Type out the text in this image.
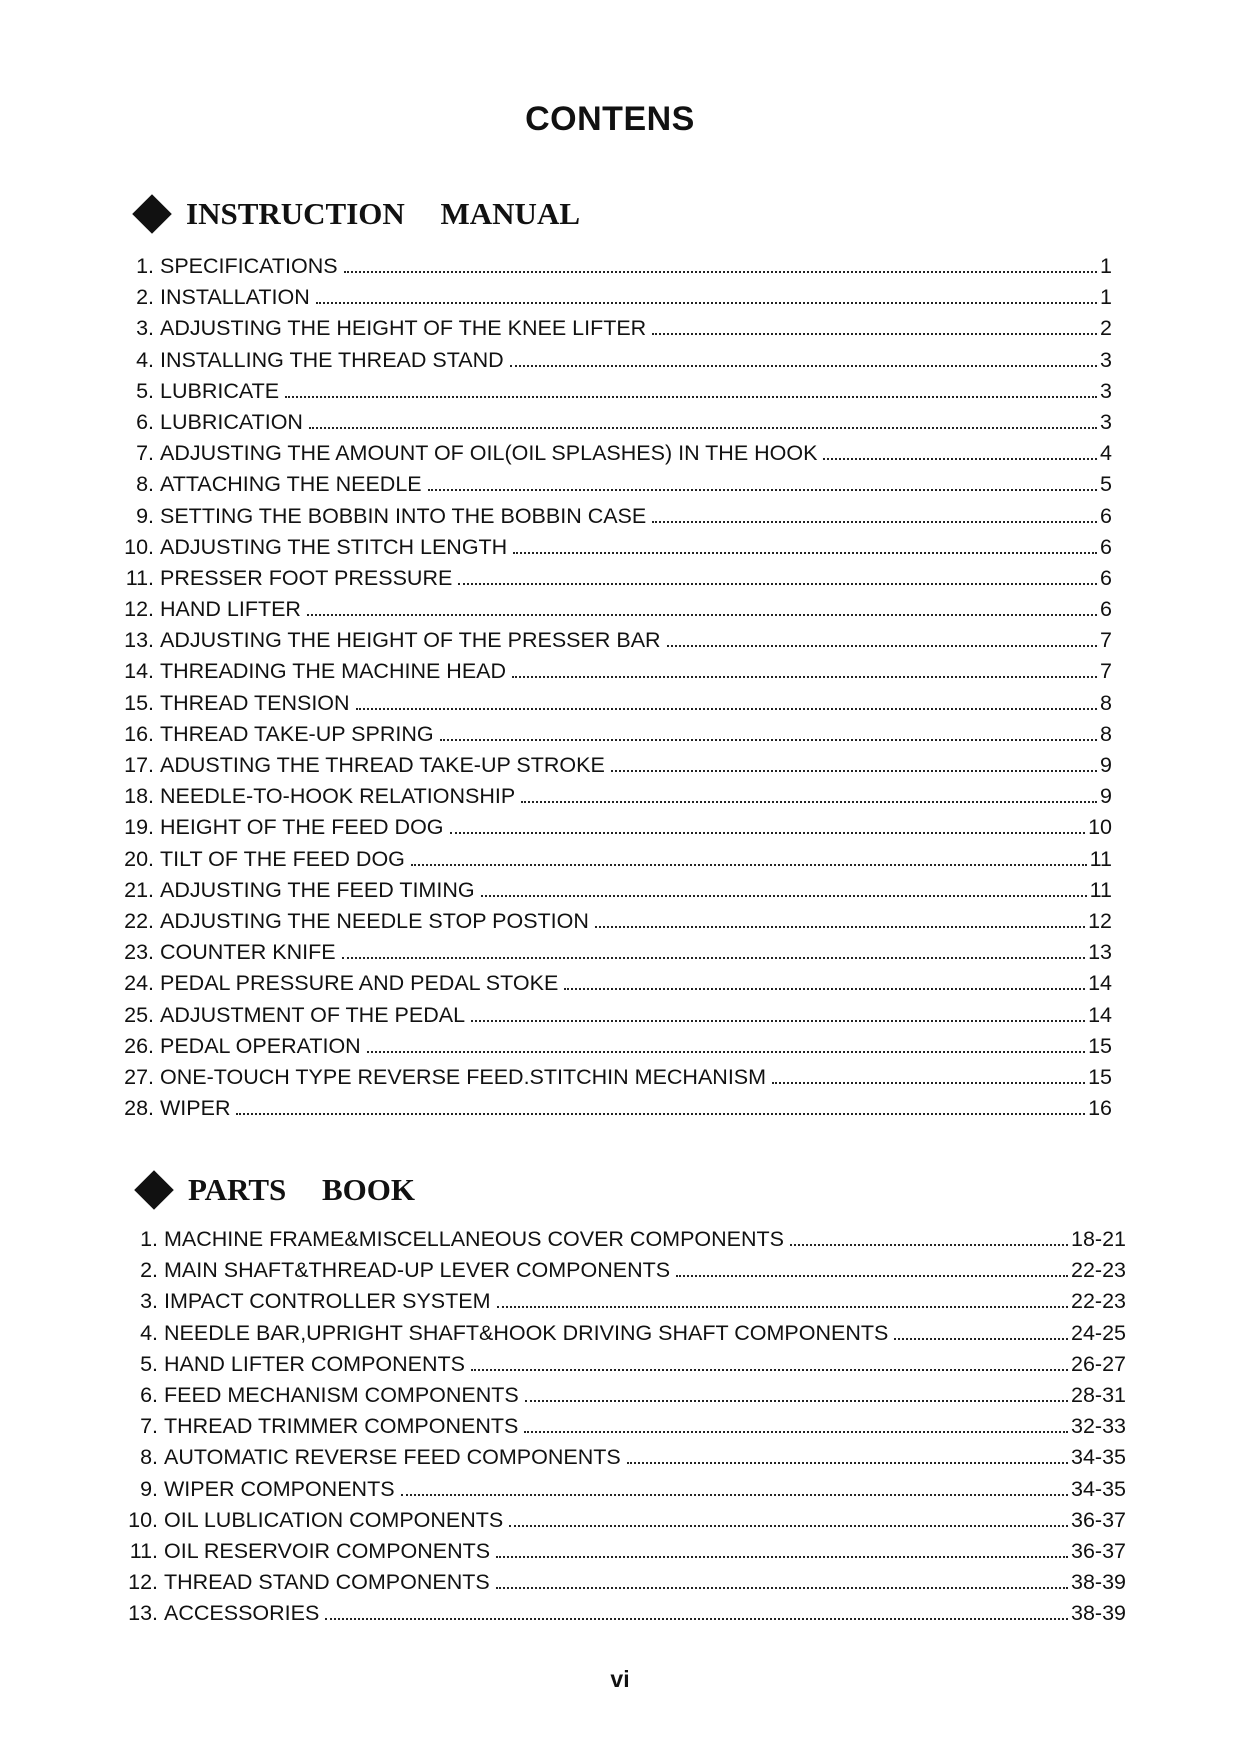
CONTENS
INSTRUCTION MANUAL
1. SPECIFICATIONS	1
2. INSTALLATION	1
3. ADJUSTING THE HEIGHT OF THE KNEE LIFTER	2
4. INSTALLING THE THREAD STAND	3
5. LUBRICATE	3
6. LUBRICATION	3
7. ADJUSTING THE AMOUNT OF OIL(OIL SPLASHES) IN THE HOOK	4
8. ATTACHING THE NEEDLE	5
9. SETTING THE BOBBIN INTO THE BOBBIN CASE	6
10. ADJUSTING THE STITCH LENGTH	6
11. PRESSER FOOT PRESSURE	6
12. HAND LIFTER	6
13. ADJUSTING THE HEIGHT OF THE PRESSER BAR	7
14. THREADING THE MACHINE HEAD	7
15. THREAD TENSION	8
16. THREAD TAKE-UP SPRING	8
17. ADUSTING THE THREAD TAKE-UP STROKE	9
18. NEEDLE-TO-HOOK RELATIONSHIP	9
19. HEIGHT OF THE FEED DOG	10
20. TILT OF THE FEED DOG	11
21. ADJUSTING THE FEED TIMING	11
22. ADJUSTING THE NEEDLE STOP POSTION	12
23. COUNTER KNIFE	13
24. PEDAL PRESSURE AND PEDAL STOKE	14
25. ADJUSTMENT OF THE PEDAL	14
26. PEDAL OPERATION	15
27. ONE-TOUCH TYPE REVERSE FEED.STITCHIN MECHANISM	15
28. WIPER	16
PARTS BOOK
1. MACHINE FRAME&MISCELLANEOUS COVER COMPONENTS	18-21
2. MAIN SHAFT&THREAD-UP LEVER COMPONENTS	22-23
3. IMPACT CONTROLLER SYSTEM	22-23
4. NEEDLE BAR,UPRIGHT SHAFT&HOOK DRIVING SHAFT COMPONENTS	24-25
5. HAND LIFTER COMPONENTS	26-27
6. FEED MECHANISM COMPONENTS	28-31
7. THREAD TRIMMER COMPONENTS	32-33
8. AUTOMATIC REVERSE FEED COMPONENTS	34-35
9. WIPER COMPONENTS	34-35
10. OIL LUBLICATION COMPONENTS	36-37
11. OIL RESERVOIR COMPONENTS	36-37
12. THREAD STAND COMPONENTS	38-39
13. ACCESSORIES	38-39
vi
